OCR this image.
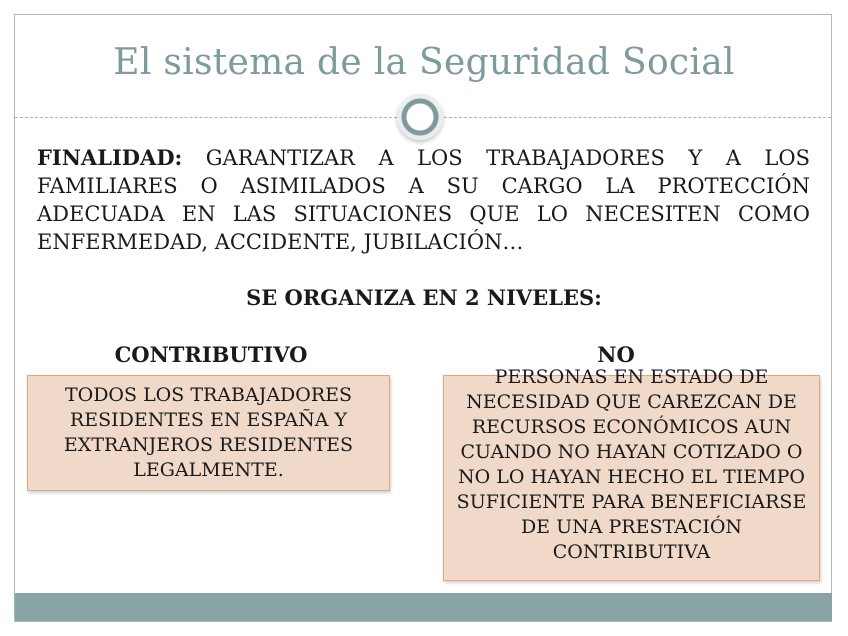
El sistema de la Seguridad Social
FINALIDAD: GARANTIZAR A LOS TRABAJADORES Y A LOS FAMILIARES O ASIMILADOS A SU CARGO LA PROTECCIÓN ADECUADA EN LAS SITUACIONES QUE LO NECESITEN COMO ENFERMEDAD, ACCIDENTE, JUBILACIÓN…
SE ORGANIZA EN 2 NIVELES:
CONTRIBUTIVO	NO
TODOS LOS TRABAJADORES RESIDENTES EN ESPAÑA Y EXTRANJEROS RESIDENTES LEGALMENTE.
PERSONAS EN ESTADO DE NECESIDAD QUE CAREZCAN DE RECURSOS ECONÓMICOS AUN CUANDO NO HAYAN COTIZADO O NO LO HAYAN HECHO EL TIEMPO SUFICIENTE PARA BENEFICIARSE DE UNA PRESTACIÓN CONTRIBUTIVA
